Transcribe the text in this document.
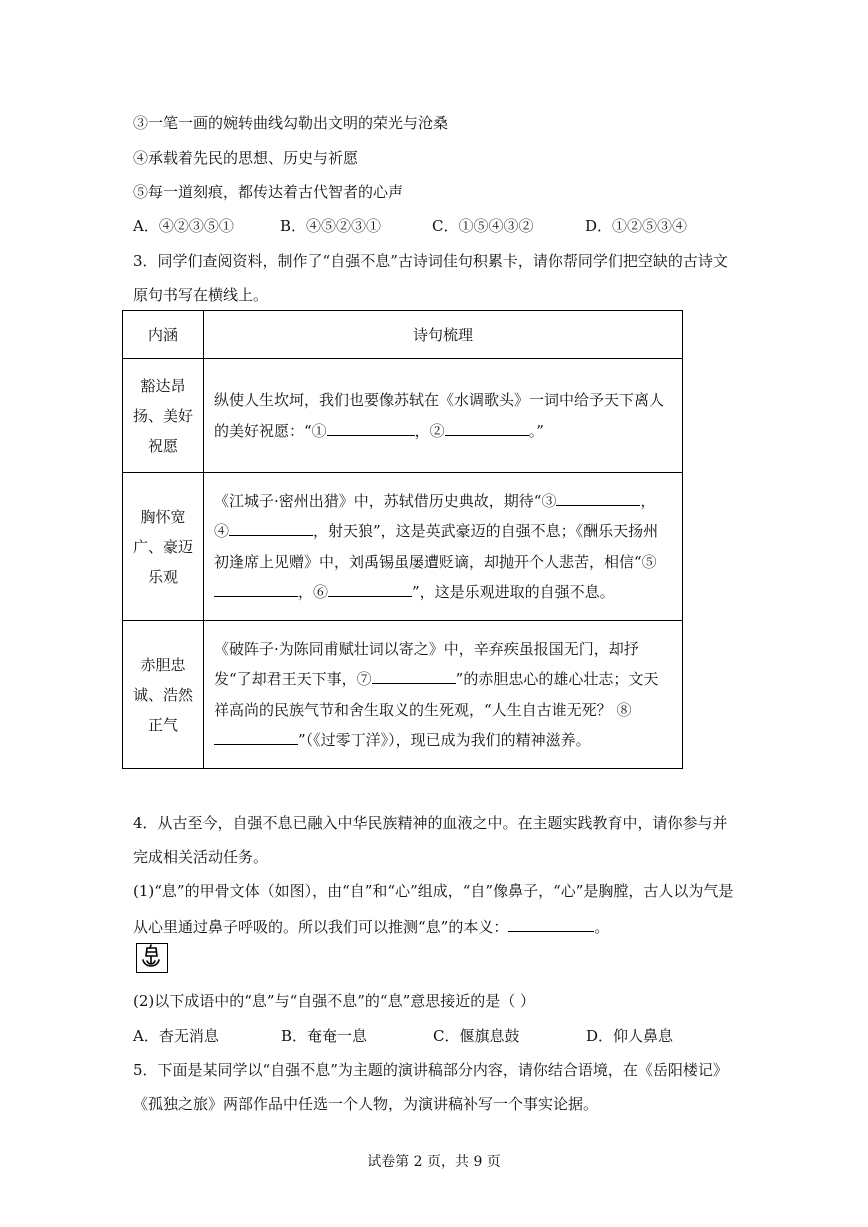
③一笔一画的婉转曲线勾勒出文明的荣光与沧桑
④承载着先民的思想、历史与祈愿
⑤每一道刻痕，都传达着古代智者的心声
A．④②③⑤①	B．④⑤②③①	C．①⑤④③②	D．①②⑤③④
3．同学们查阅资料，制作了“自强不息”古诗词佳句积累卡，请你帮同学们把空缺的古诗文
原句书写在横线上。
内涵	诗句梳理
豁达昂扬、美好祝愿	纵使人生坎坷，我们也要像苏轼在《水调歌头》一词中给予天下离人的美好祝愿：“① ，② 。”
胸怀宽广、豪迈乐观	《江城子·密州出猎》中，苏轼借历史典故，期待“③ ， ④ ，射天狼”，这是英武豪迈的自强不息；《酬乐天扬州初逢席上见赠》中，刘禹锡虽屡遭贬谪，却抛开个人悲苦，相信“⑤，⑥ ”，这是乐观进取的自强不息。
赤胆忠诚、浩然正气	《破阵子·为陈同甫赋壮词以寄之》中，辛弃疾虽报国无门，却抒发“了却君王天下事，⑦ ”的赤胆忠心的雄心壮志；文天祥高尚的民族气节和舍生取义的生死观，“人生自古谁无死？ ⑧”（《过零丁洋》），现已成为我们的精神滋养。
4．从古至今，自强不息已融入中华民族精神的血液之中。在主题实践教育中，请你参与并
完成相关活动任务。
(1)“息”的甲骨文体（如图），由“自”和“心”组成，“自”像鼻子，“心”是胸膛，古人以为气是
从心里通过鼻子呼吸的。所以我们可以推测“息”的本义：	。
(2)以下成语中的“息”与“自强不息”的“息”意思接近的是（ ）
A．杳无消息	B．奄奄一息	C．偃旗息鼓	D．仰人鼻息
5．下面是某同学以“自强不息”为主题的演讲稿部分内容，请你结合语境，在《岳阳楼记》
《孤独之旅》两部作品中任选一个人物，为演讲稿补写一个事实论据。
试卷第 2 页，共 9 页
